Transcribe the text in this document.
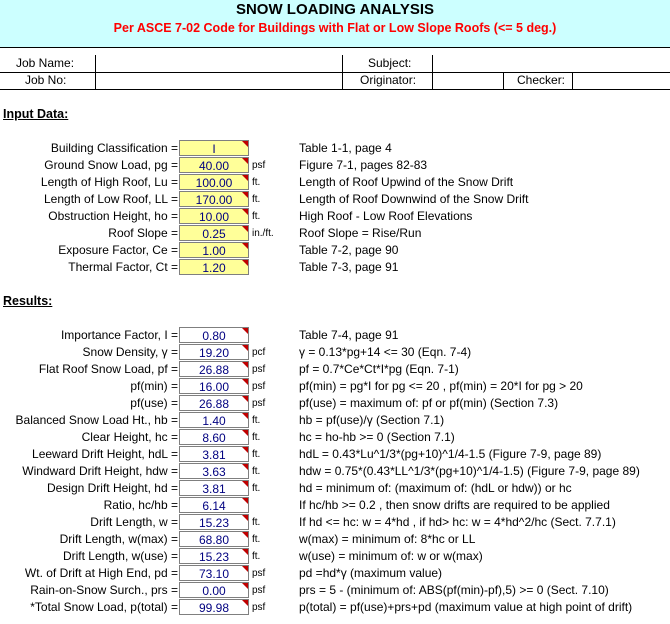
SNOW LOADING ANALYSIS
Per ASCE 7-02 Code for Buildings with Flat or Low Slope Roofs (<= 5 deg.)
Job Name:	Subject:
Job No:	Originator:	Checker:
Input Data:
Building Classification =	I	Table 1-1, page 4
Ground Snow Load, pg =	40.00	psf	Figure 7-1, pages 82-83
Length of High Roof, Lu =	100.00	ft.	Length of Roof Upwind of the Snow Drift
Length of Low Roof, LL =	170.00	ft.	Length of Roof Downwind of the Snow Drift
Obstruction Height, ho =	10.00	ft.	High Roof - Low Roof Elevations
Roof Slope =	0.25	in./ft. Roof Slope = Rise/Run
Exposure Factor, Ce =	1.00	Table 7-2, page 90
Thermal Factor, Ct =	1.20	Table 7-3, page 91
Results:
Importance Factor, I =	0.80	Table 7-4, page 91
Snow Density, γ =	19.20	pcf	γ = 0.13*pg+14 <= 30 (Eqn. 7-4)
Flat Roof Snow Load, pf =	26.88	psf	pf = 0.7*Ce*Ct*I*pg (Eqn. 7-1)
pf(min) =	16.00	psf	pf(min) = pg*I for pg <= 20 , pf(min) = 20*I for pg > 20
pf(use) =	26.88	psf	pf(use) = maximum of: pf or pf(min) (Section 7.3)
Balanced Snow Load Ht., hb =	1.40	ft.	hb = pf(use)/γ (Section 7.1)
Clear Height, hc =	8.60	ft.	hc = ho-hb >= 0 (Section 7.1)
Leeward Drift Height, hdL =	3.81	ft.	hdL = 0.43*Lu^1/3*(pg+10)^1/4-1.5 (Figure 7-9, page 89)
Windward Drift Height, hdw =	3.63	ft.	hdw = 0.75*(0.43*LL^1/3*(pg+10)^1/4-1.5) (Figure 7-9, page 89)
Design Drift Height, hd =	3.81	ft.	hd = minimum of: (maximum of: (hdL or hdw)) or hc
Ratio, hc/hb =	6.14	If hc/hb >= 0.2 , then snow drifts are required to be applied
Drift Length, w =	15.23	ft.	If hd <= hc: w = 4*hd , if hd> hc: w = 4*hd^2/hc (Sect. 7.7.1)
Drift Length, w(max) =	68.80	ft.	w(max) = minimum of: 8*hc or LL
Drift Length, w(use) =	15.23	ft.	w(use) = minimum of: w or w(max)
Wt. of Drift at High End, pd =	73.10	psf	pd =hd*γ (maximum value)
Rain-on-Snow Surch., prs =	0.00	psf	prs = 5 - (minimum of: ABS(pf(min)-pf),5) >= 0 (Sect. 7.10)
*Total Snow Load, p(total) =	99.98	psf	p(total) = pf(use)+prs+pd (maximum value at high point of drift)
